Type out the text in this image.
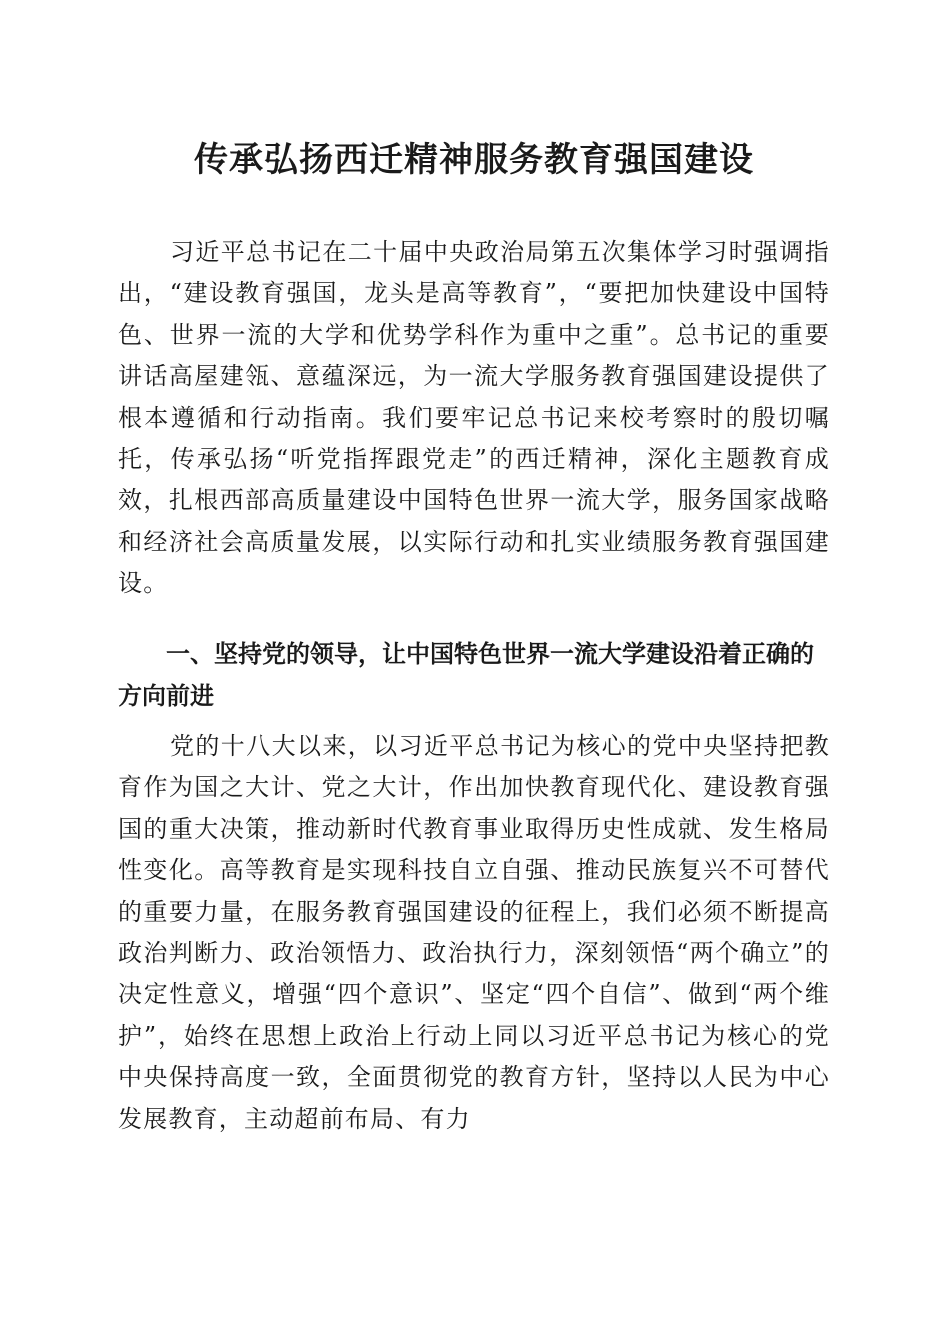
传承弘扬西迁精神服务教育强国建设

习近平总书记在二十届中央政治局第五次集体学习时强调指出，“建设教育强国，龙头是高等教育”，“要把加快建设中国特色、世界一流的大学和优势学科作为重中之重”。总书记的重要讲话高屋建瓴、意蕴深远，为一流大学服务教育强国建设提供了根本遵循和行动指南。我们要牢记总书记来校考察时的殷切嘱托，传承弘扬“听党指挥跟党走”的西迁精神，深化主题教育成效，扎根西部高质量建设中国特色世界一流大学，服务国家战略和经济社会高质量发展，以实际行动和扎实业绩服务教育强国建设。

一、坚持党的领导，让中国特色世界一流大学建设沿着正确的方向前进

党的十八大以来，以习近平总书记为核心的党中央坚持把教育作为国之大计、党之大计，作出加快教育现代化、建设教育强国的重大决策，推动新时代教育事业取得历史性成就、发生格局性变化。高等教育是实现科技自立自强、推动民族复兴不可替代的重要力量，在服务教育强国建设的征程上，我们必须不断提高政治判断力、政治领悟力、政治执行力，深刻领悟“两个确立”的决定性意义，增强“四个意识”、坚定“四个自信”、做到“两个维护”，始终在思想上政治上行动上同以习近平总书记为核心的党中央保持高度一致，全面贯彻党的教育方针，坚持以人民为中心发展教育，主动超前布局、有力
